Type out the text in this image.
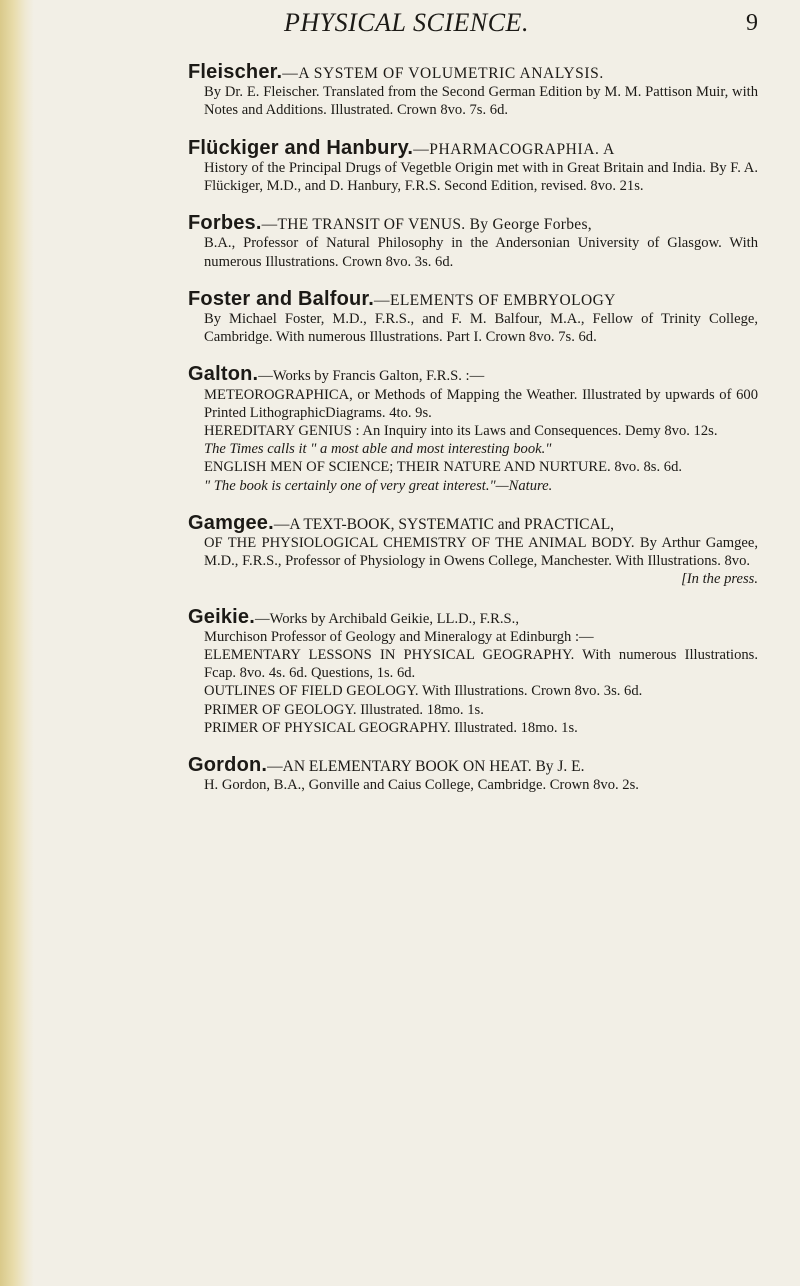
PHYSICAL SCIENCE.	9

Fleischer.—A SYSTEM OF VOLUMETRIC ANALYSIS.

By Dr. E. Fleischer. Translated from the Second German Edition by M. M. Pattison Muir, with Notes and Additions. Illustrated. Crown 8vo. 7s. 6d.

Flückiger and Hanbury.—PHARMACOGRAPHIA. A

History of the Principal Drugs of Vegetble Origin met with in Great Britain and India. By F. A. Flückiger, M.D., and D. Hanbury, F.R.S. Second Edition, revised. 8vo. 21s.

Forbes.—THE TRANSIT OF VENUS. By George Forbes,

B.A., Professor of Natural Philosophy in the Andersonian University of Glasgow. With numerous Illustrations. Crown 8vo. 3s. 6d.

Foster and Balfour.—ELEMENTS OF EMBRYOLOGY

By Michael Foster, M.D., F.R.S., and F. M. Balfour, M.A., Fellow of Trinity College, Cambridge. With numerous Illustrations. Part I. Crown 8vo. 7s. 6d.

Galton.—Works by Francis Galton, F.R.S. :—

METEOROGRAPHICA, or Methods of Mapping the Weather. Illustrated by upwards of 600 Printed LithographicDiagrams. 4to. 9s.

HEREDITARY GENIUS : An Inquiry into its Laws and Consequences. Demy 8vo. 12s.

The Times calls it " a most able and most interesting book."

ENGLISH MEN OF SCIENCE; THEIR NATURE AND NURTURE. 8vo. 8s. 6d.

" The book is certainly one of very great interest."—Nature.

Gamgee.—A TEXT-BOOK, SYSTEMATIC and PRACTICAL,

OF THE PHYSIOLOGICAL CHEMISTRY OF THE ANIMAL BODY. By Arthur Gamgee, M.D., F.R.S., Professor of Physiology in Owens College, Manchester. With Illustrations. 8vo.
[In the press.

Geikie.—Works by Archibald Geikie, LL.D., F.R.S.,

Murchison Professor of Geology and Mineralogy at Edinburgh :—

ELEMENTARY LESSONS IN PHYSICAL GEOGRAPHY. With numerous Illustrations. Fcap. 8vo. 4s. 6d. Questions, 1s. 6d.

OUTLINES OF FIELD GEOLOGY. With Illustrations. Crown 8vo. 3s. 6d.

PRIMER OF GEOLOGY. Illustrated. 18mo. 1s.

PRIMER OF PHYSICAL GEOGRAPHY. Illustrated. 18mo. 1s.

Gordon.—AN ELEMENTARY BOOK ON HEAT. By J. E.

H. Gordon, B.A., Gonville and Caius College, Cambridge. Crown 8vo. 2s.
